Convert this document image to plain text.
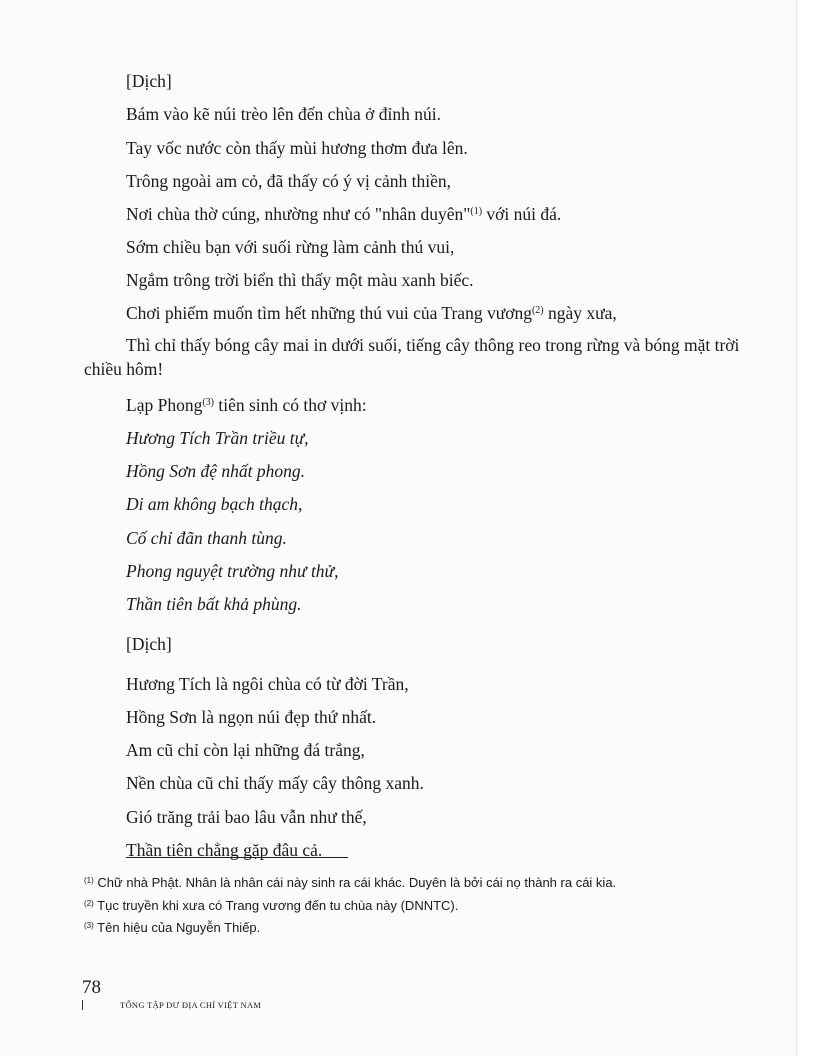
[Dịch]
Bám vào kẽ núi trèo lên đến chùa ở đỉnh núi.
Tay vốc nước còn thấy mùi hương thơm đưa lên.
Trông ngoài am cỏ, đã thấy có ý vị cảnh thiền,
Nơi chùa thờ cúng, nhường như có "nhân duyên"$^{(1)}$ với núi đá.
Sớm chiều bạn với suối rừng làm cảnh thú vui,
Ngắm trông trời biển thì thấy một màu xanh biếc.
Chơi phiếm muốn tìm hết những thú vui của Trang vương$^{(2)}$ ngày xưa,
Thì chỉ thấy bóng cây mai in dưới suối, tiếng cây thông reo trong rừng và bóng mặt trời chiều hôm!
Lạp Phong$^{(3)}$ tiên sinh có thơ vịnh:
Hương Tích Trần triều tự,
Hồng Sơn đệ nhất phong.
Di am không bạch thạch,
Cố chỉ đãn thanh tùng.
Phong nguyệt trường như thử,
Thần tiên bất khả phùng.
[Dịch]
Hương Tích là ngôi chùa có từ đời Trần,
Hồng Sơn là ngọn núi đẹp thứ nhất.
Am cũ chỉ còn lại những đá trắng,
Nền chùa cũ chỉ thấy mấy cây thông xanh.
Gió trăng trải bao lâu vẫn như thế,
Thần tiên chẳng gặp đâu cả.
$^{(1)}$ Chữ nhà Phật. Nhân là nhân cái này sinh ra cái khác. Duyên là bởi cái nọ thành ra cái kia.
$^{(2)}$ Tục truyền khi xưa có Trang vương đến tu chùa này (DNNTC).
$^{(3)}$ Tên hiệu của Nguyễn Thiếp.
78
TỔNG TẬP DƯ ĐỊA CHÍ VIỆT NAM
